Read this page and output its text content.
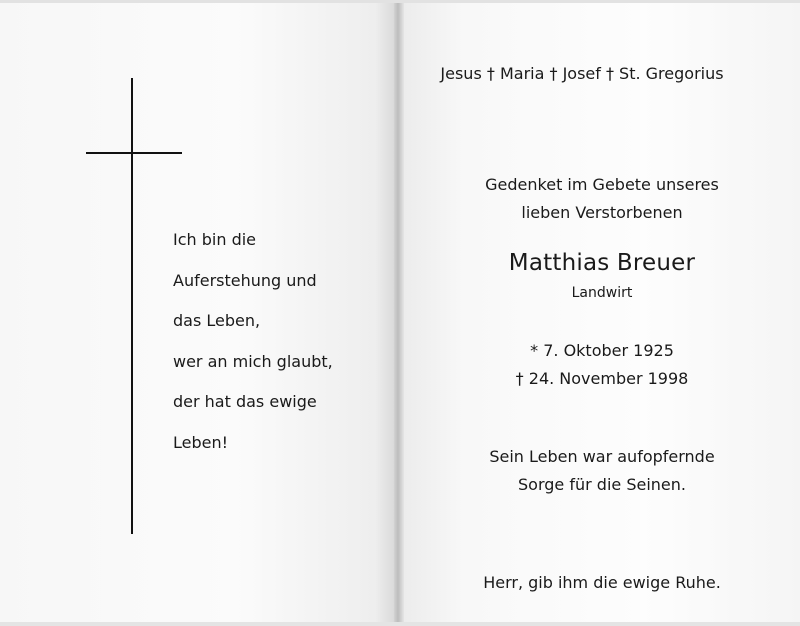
Ich bin die
Auferstehung und
das Leben,
wer an mich glaubt,
der hat das ewige
Leben!
Jesus † Maria † Josef † St. Gregorius
Gedenket im Gebete unseres
lieben Verstorbenen
Matthias Breuer
Landwirt
* 7. Oktober 1925
† 24. November 1998
Sein Leben war aufopfernde
Sorge für die Seinen.
Herr, gib ihm die ewige Ruhe.
